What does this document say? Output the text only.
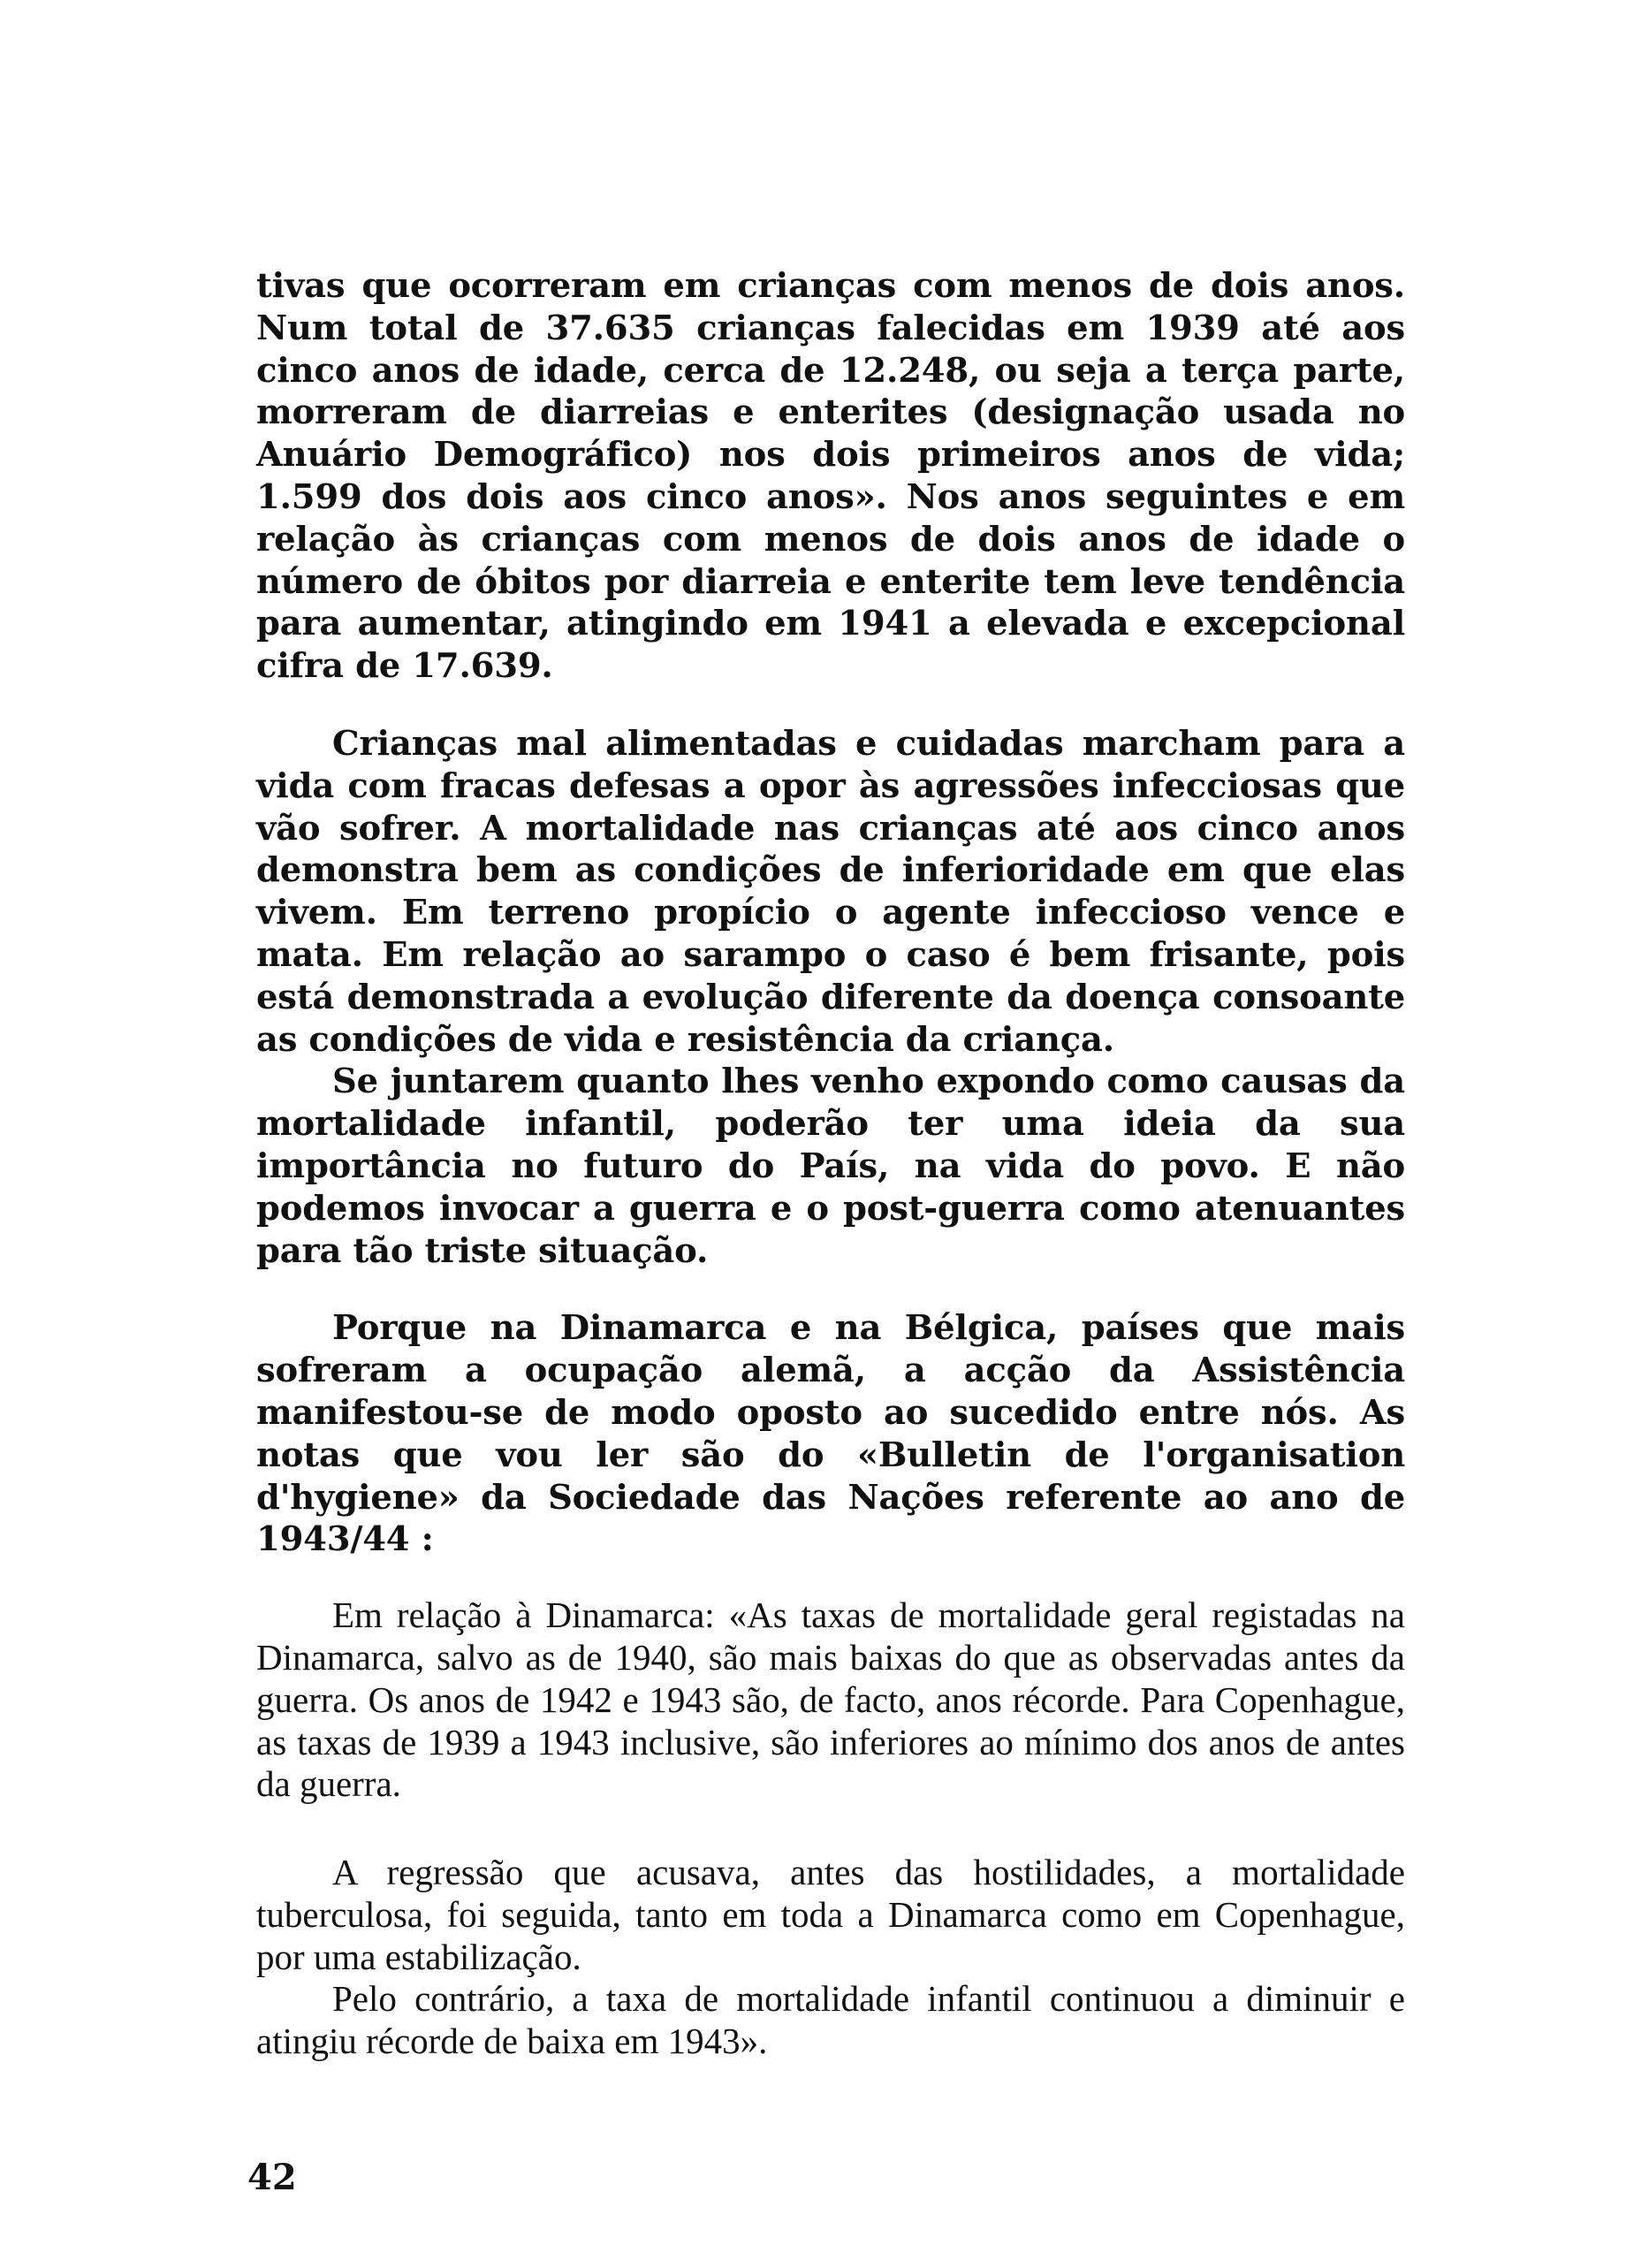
tivas que ocorreram em crianças com menos de dois anos. Num total de 37.635 crianças falecidas em 1939 até aos cinco anos de idade, cerca de 12.248, ou seja a terça parte, morreram de diarreias e enterites (designação usada no Anuário Demográfico) nos dois primeiros anos de vida; 1.599 dos dois aos cinco anos». Nos anos seguintes e em relação às crianças com menos de dois anos de idade o número de óbitos por diarreia e enterite tem leve tendência para aumentar, atingindo em 1941 a elevada e excepcional cifra de 17.639.

Crianças mal alimentadas e cuidadas marcham para a vida com fracas defesas a opor às agressões infecciosas que vão sofrer. A mortalidade nas crianças até aos cinco anos demonstra bem as condições de inferioridade em que elas vivem. Em terreno propício o agente infeccioso vence e mata. Em relação ao sarampo o caso é bem frisante, pois está demonstrada a evolução diferente da doença consoante as condições de vida e resistência da criança.

Se juntarem quanto lhes venho expondo como causas da mortalidade infantil, poderão ter uma ideia da sua importância no futuro do País, na vida do povo. E não podemos invocar a guerra e o post-guerra como atenuantes para tão triste situação.

Porque na Dinamarca e na Bélgica, países que mais sofreram a ocupação alemã, a acção da Assistência manifestou-se de modo oposto ao sucedido entre nós. As notas que vou ler são do «Bulletin de l'organisation d'hygiene» da Sociedade das Nações referente ao ano de 1943/44 :

Em relação à Dinamarca: «As taxas de mortalidade geral registadas na Dinamarca, salvo as de 1940, são mais baixas do que as observadas antes da guerra. Os anos de 1942 e 1943 são, de facto, anos récorde. Para Copenhague, as taxas de 1939 a 1943 inclusive, são inferiores ao mínimo dos anos de antes da guerra.

A regressão que acusava, antes das hostilidades, a mortalidade tuberculosa, foi seguida, tanto em toda a Dinamarca como em Copenhague, por uma estabilização.

Pelo contrário, a taxa de mortalidade infantil continuou a diminuir e atingiu récorde de baixa em 1943».

42
